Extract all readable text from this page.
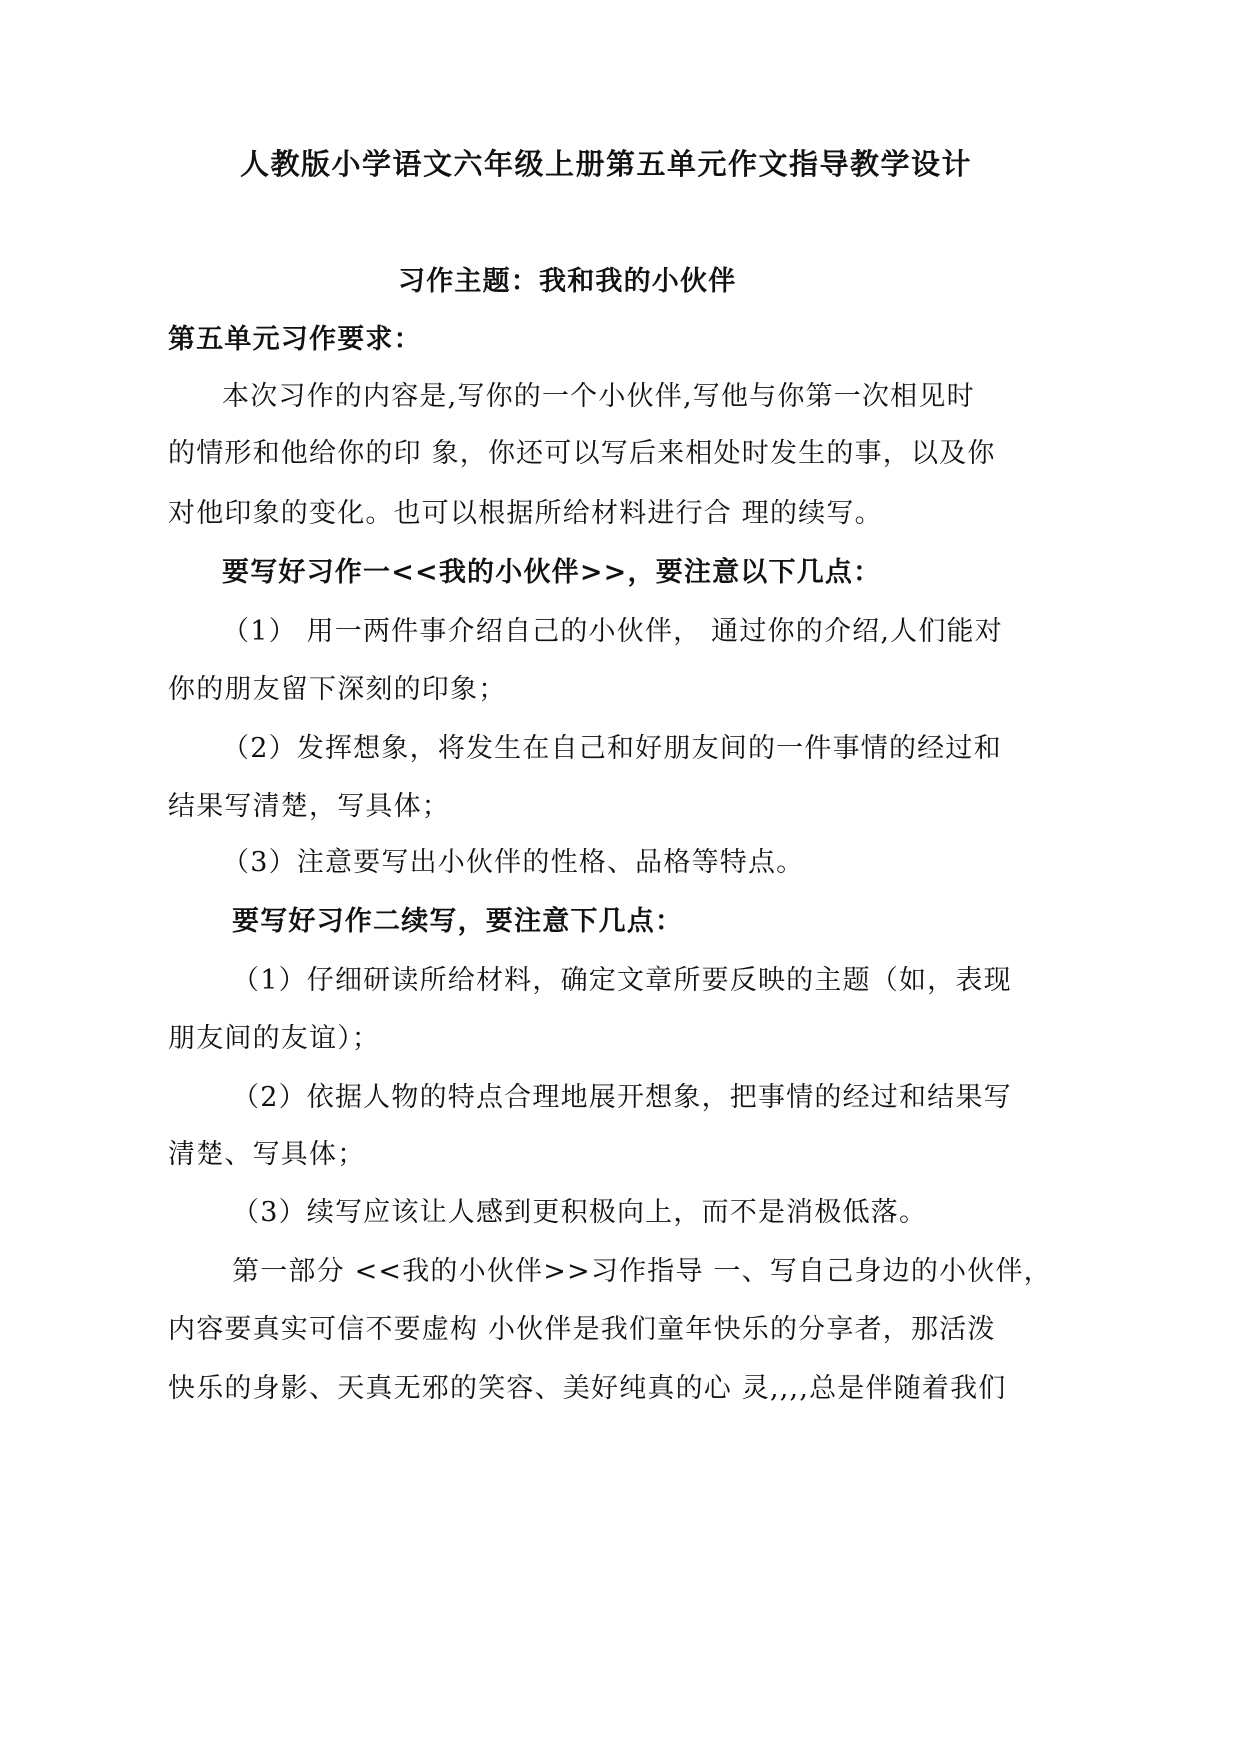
人教版小学语文六年级上册第五单元作文指导教学设计
习作主题：我和我的小伙伴
第五单元习作要求：
本次习作的内容是,写你的一个小伙伴,写他与你第一次相见时
的情形和他给你的印 象，你还可以写后来相处时发生的事，以及你
对他印象的变化。也可以根据所给材料进行合 理的续写。
要写好习作一<<我的小伙伴>>，要注意以下几点：
（1） 用一两件事介绍自己的小伙伴， 通过你的介绍,人们能对
你的朋友留下深刻的印象；
（2）发挥想象，将发生在自己和好朋友间的一件事情的经过和
结果写清楚，写具体；
（3）注意要写出小伙伴的性格、品格等特点。
要写好习作二续写，要注意下几点：
（1）仔细研读所给材料，确定文章所要反映的主题（如，表现
朋友间的友谊）；
（2）依据人物的特点合理地展开想象，把事情的经过和结果写
清楚、写具体；
（3）续写应该让人感到更积极向上，而不是消极低落。
第一部分 <<我的小伙伴>>习作指导 一、写自己身边的小伙伴，
内容要真实可信不要虚构 小伙伴是我们童年快乐的分享者，那活泼
快乐的身影、天真无邪的笑容、美好纯真的心 灵,,,,总是伴随着我们
